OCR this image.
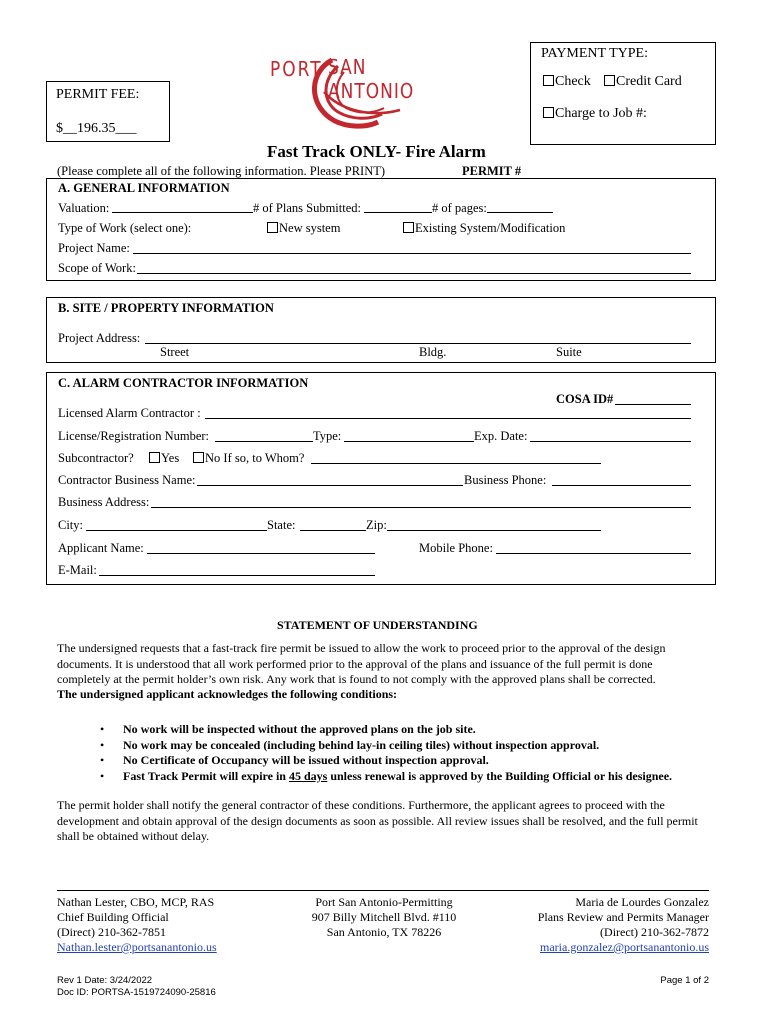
PAYMENT TYPE:
Check	Credit Card
Charge to Job #:
PERMIT FEE:
$__196.35___
PORT SAN ANTONIO
Fast Track ONLY- Fire Alarm
(Please complete all of the following information. Please PRINT)	PERMIT #
A. GENERAL INFORMATION
Valuation:	# of Plans Submitted:	# of pages:
Type of Work (select one):	New system	Existing System/Modification
Project Name:
Scope of Work:
B. SITE / PROPERTY INFORMATION
Project Address:
Street	Bldg.	Suite
C. ALARM CONTRACTOR INFORMATION
COSA ID#
Licensed Alarm Contractor :
License/Registration Number:	Type:	Exp. Date:
Subcontractor?	Yes	No If so, to Whom?
Contractor Business Name:	Business Phone:
Business Address:
City:	State:	Zip:
Applicant Name:	Mobile Phone:
E-Mail:
STATEMENT OF UNDERSTANDING
The undersigned requests that a fast-track fire permit be issued to allow the work to proceed prior to the approval of the design documents. It is understood that all work performed prior to the approval of the plans and issuance of the full permit is done completely at the permit holder’s own risk. Any work that is found to not comply with the approved plans shall be corrected.
The undersigned applicant acknowledges the following conditions:
• No work will be inspected without the approved plans on the job site.
• No work may be concealed (including behind lay-in ceiling tiles) without inspection approval.
• No Certificate of Occupancy will be issued without inspection approval.
• Fast Track Permit will expire in 45 days unless renewal is approved by the Building Official or his designee.
The permit holder shall notify the general contractor of these conditions. Furthermore, the applicant agrees to proceed with the development and obtain approval of the design documents as soon as possible. All review issues shall be resolved, and the full permit shall be obtained without delay.
Nathan Lester, CBO, MCP, RAS
Chief Building Official
(Direct) 210-362-7851
Nathan.lester@portsanantonio.us
Port San Antonio-Permitting
907 Billy Mitchell Blvd. #110
San Antonio, TX 78226
Maria de Lourdes Gonzalez
Plans Review and Permits Manager
(Direct) 210-362-7872
maria.gonzalez@portsanantonio.us
Rev 1 Date: 3/24/2022
Doc ID: PORTSA-1519724090-25816
Page 1 of 2
